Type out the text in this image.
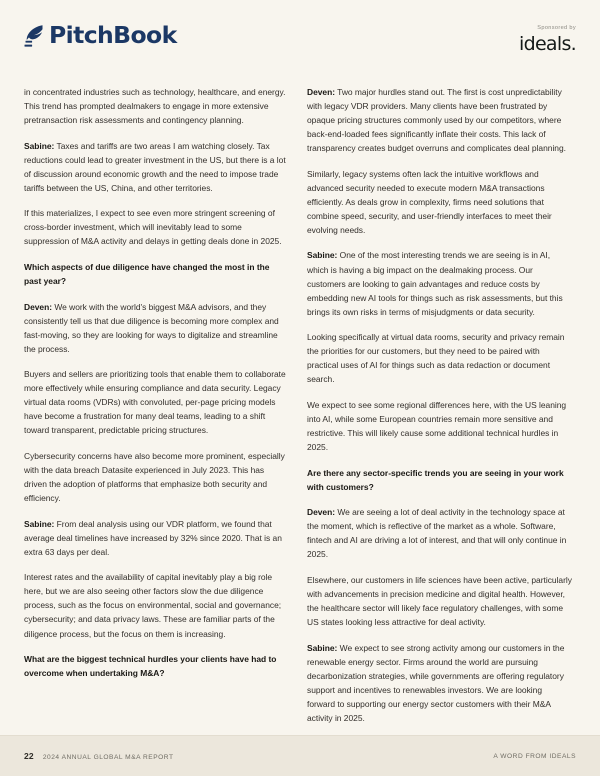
PitchBook	Sponsored by
ideals.

in concentrated industries such as technology, healthcare, and energy. This trend has prompted dealmakers to engage in more extensive pretransaction risk assessments and contingency planning.

Sabine: Taxes and tariffs are two areas I am watching closely. Tax reductions could lead to greater investment in the US, but there is a lot of discussion around economic growth and the need to impose trade tariffs between the US, China, and other territories.

If this materializes, I expect to see even more stringent screening of cross-border investment, which will inevitably lead to some suppression of M&A activity and delays in getting deals done in 2025.

Which aspects of due diligence have changed the most in the past year?

Deven: We work with the world's biggest M&A advisors, and they consistently tell us that due diligence is becoming more complex and fast-moving, so they are looking for ways to digitalize and streamline the process.

Buyers and sellers are prioritizing tools that enable them to collaborate more effectively while ensuring compliance and data security. Legacy virtual data rooms (VDRs) with convoluted, per-page pricing models have become a frustration for many deal teams, leading to a shift toward transparent, predictable pricing structures.

Cybersecurity concerns have also become more prominent, especially with the data breach Datasite experienced in July 2023. This has driven the adoption of platforms that emphasize both security and efficiency.

Sabine: From deal analysis using our VDR platform, we found that average deal timelines have increased by 32% since 2020. That is an extra 63 days per deal.

Interest rates and the availability of capital inevitably play a big role here, but we are also seeing other factors slow the due diligence process, such as the focus on environmental, social and governance; cybersecurity; and data privacy laws. These are familiar parts of the diligence process, but the focus on them is increasing.

What are the biggest technical hurdles your clients have had to overcome when undertaking M&A?

Deven: Two major hurdles stand out. The first is cost unpredictability with legacy VDR providers. Many clients have been frustrated by opaque pricing structures commonly used by our competitors, where back-end-loaded fees significantly inflate their costs. This lack of transparency creates budget overruns and complicates deal planning.

Similarly, legacy systems often lack the intuitive workflows and advanced security needed to execute modern M&A transactions efficiently. As deals grow in complexity, firms need solutions that combine speed, security, and user-friendly interfaces to meet their evolving needs.

Sabine: One of the most interesting trends we are seeing is in AI, which is having a big impact on the dealmaking process. Our customers are looking to gain advantages and reduce costs by embedding new AI tools for things such as risk assessments, but this brings its own risks in terms of misjudgments or data security.

Looking specifically at virtual data rooms, security and privacy remain the priorities for our customers, but they need to be paired with practical uses of AI for things such as data redaction or document search.

We expect to see some regional differences here, with the US leaning into AI, while some European countries remain more sensitive and restrictive. This will likely cause some additional technical hurdles in 2025.

Are there any sector-specific trends you are seeing in your work with customers?

Deven: We are seeing a lot of deal activity in the technology space at the moment, which is reflective of the market as a whole. Software, fintech and AI are driving a lot of interest, and that will only continue in 2025.

Elsewhere, our customers in life sciences have been active, particularly with advancements in precision medicine and digital health. However, the healthcare sector will likely face regulatory challenges, with some US states looking less attractive for deal activity.

Sabine: We expect to see strong activity among our customers in the renewable energy sector. Firms around the world are pursuing decarbonization strategies, while governments are offering regulatory support and incentives to renewables investors. We are looking forward to supporting our energy sector customers with their M&A activity in 2025.

22 2024 ANNUAL GLOBAL M&A REPORT	A WORD FROM IDEALS
